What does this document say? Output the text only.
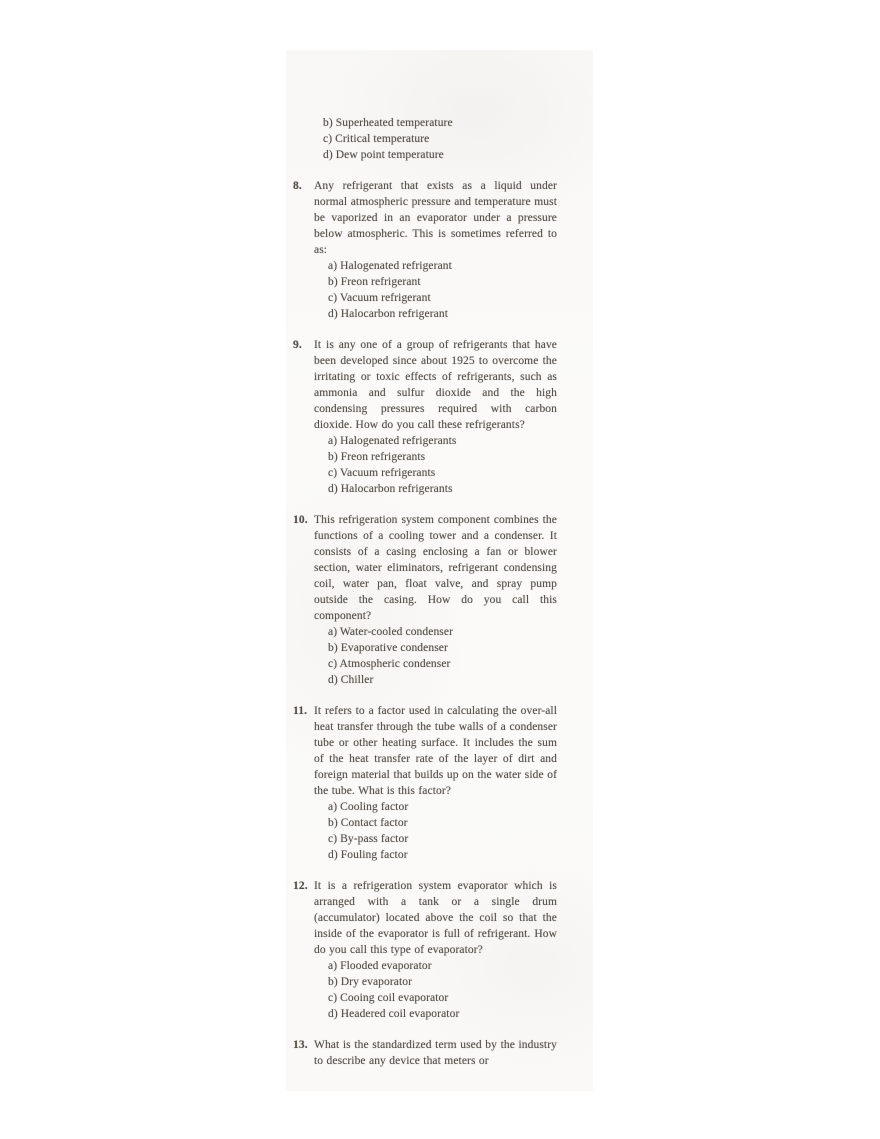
b) Superheated temperature
c) Critical temperature
d) Dew point temperature
8.	Any refrigerant that exists as a liquid under normal atmospheric pressure and temperature must be vaporized in an evaporator under a pressure below atmospheric. This is sometimes referred to as:
a) Halogenated refrigerant
b) Freon refrigerant
c) Vacuum refrigerant
d) Halocarbon refrigerant
9.	It is any one of a group of refrigerants that have been developed since about 1925 to overcome the irritating or toxic effects of refrigerants, such as ammonia and sulfur dioxide and the high condensing pressures required with carbon dioxide. How do you call these refrigerants?
a) Halogenated refrigerants
b) Freon refrigerants
c) Vacuum refrigerants
d) Halocarbon refrigerants
10. This refrigeration system component combines the functions of a cooling tower and a condenser. It consists of a casing enclosing a fan or blower section, water eliminators, refrigerant condensing coil, water pan, float valve, and spray pump outside the casing. How do you call this component?
a) Water-cooled condenser
b) Evaporative condenser
c) Atmospheric condenser
d) Chiller
11. It refers to a factor used in calculating the over-all heat transfer through the tube walls of a condenser tube or other heating surface. It includes the sum of the heat transfer rate of the layer of dirt and foreign material that builds up on the water side of the tube. What is this factor?
a) Cooling factor
b) Contact factor
c) By-pass factor
d) Fouling factor
12. It is a refrigeration system evaporator which is arranged with a tank or a single drum (accumulator) located above the coil so that the inside of the evaporator is full of refrigerant. How do you call this type of evaporator?
a) Flooded evaporator
b) Dry evaporator
c) Cooing coil evaporator
d) Headered coil evaporator
13. What is the standardized term used by the industry to describe any device that meters or
